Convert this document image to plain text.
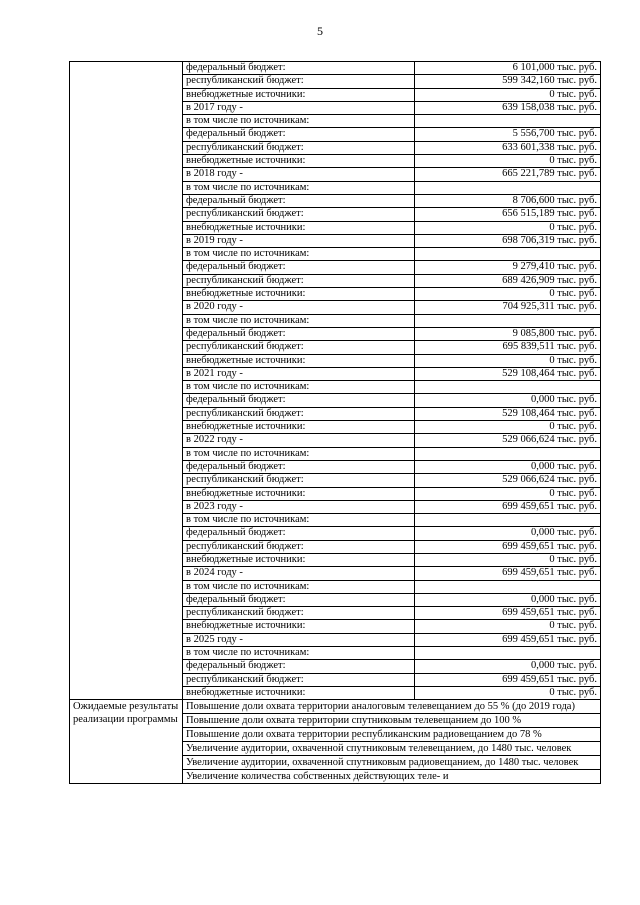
5
	федеральный бюджет:	6 101,000 тыс. руб.
	республиканский бюджет:	599 342,160 тыс. руб.
	внебюджетные источники:	0 тыс. руб.
	в 2017 году -	639 158,038 тыс. руб.
	в том числе по источникам:	
	федеральный бюджет:	5 556,700 тыс. руб.
	республиканский бюджет:	633 601,338 тыс. руб.
	внебюджетные источники:	0 тыс. руб.
	в 2018 году -	665 221,789 тыс. руб.
	в том числе по источникам:	
	федеральный бюджет:	8 706,600 тыс. руб.
	республиканский бюджет:	656 515,189 тыс. руб.
	внебюджетные источники:	0 тыс. руб.
	в 2019 году -	698 706,319 тыс. руб.
	в том числе по источникам:	
	федеральный бюджет:	9 279,410 тыс. руб.
	республиканский бюджет:	689 426,909 тыс. руб.
	внебюджетные источники:	0 тыс. руб.
	в 2020 году -	704 925,311 тыс. руб.
	в том числе по источникам:	
	федеральный бюджет:	9 085,800 тыс. руб.
	республиканский бюджет:	695 839,511 тыс. руб.
	внебюджетные источники:	0 тыс. руб.
	в 2021 году -	529 108,464 тыс. руб.
	в том числе по источникам:	
	федеральный бюджет:	0,000 тыс. руб.
	республиканский бюджет:	529 108,464 тыс. руб.
	внебюджетные источники:	0 тыс. руб.
	в 2022 году -	529 066,624 тыс. руб.
	в том числе по источникам:	
	федеральный бюджет:	0,000 тыс. руб.
	республиканский бюджет:	529 066,624 тыс. руб.
	внебюджетные источники:	0 тыс. руб.
	в 2023 году -	699 459,651 тыс. руб.
	в том числе по источникам:	
	федеральный бюджет:	0,000 тыс. руб.
	республиканский бюджет:	699 459,651 тыс. руб.
	внебюджетные источники:	0 тыс. руб.
	в 2024 году -	699 459,651 тыс. руб.
	в том числе по источникам:	
	федеральный бюджет:	0,000 тыс. руб.
	республиканский бюджет:	699 459,651 тыс. руб.
	внебюджетные источники:	0 тыс. руб.
	в 2025 году -	699 459,651 тыс. руб.
	в том числе по источникам:	
	федеральный бюджет:	0,000 тыс. руб.
	республиканский бюджет:	699 459,651 тыс. руб.
	внебюджетные источники:	0 тыс. руб.
Ожидаемые результаты реализации программы	Повышение доли охвата территории аналоговым телевещанием до 55 % (до 2019 года)	
	Повышение доли охвата территории спутниковым телевещанием до 100 %	
	Повышение доли охвата территории республиканским радиовещанием до 78 %	
	Увеличение аудитории, охваченной спутниковым телевещанием, до 1480 тыс. человек	
	Увеличение аудитории, охваченной спутниковым радиовещанием, до 1480 тыс. человек	
	Увеличение количества собственных действующих теле- и	
